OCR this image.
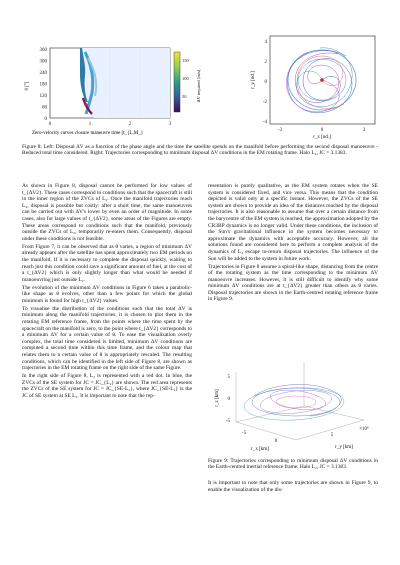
360
300
240
180
120
60
0
θ [°]
0	1	2	3
Zero-velocity curves closure maneuvre time [t_{L,M_}
150
100
50 ΔV required [m/s]
4
2
0
-2
-4
r_y [nd.]
-3	0	3
r_x [nd.]
Figure 8: Left: Disposal ΔV as a function of the phase angle and the time the satellite spends on the manifold before performing the second disposal manoeuvre - Reduced total time considered. Right: Trajectories corresponding to minimum disposal ΔV conditions in the EM rotating frame. Halo L₂, JC = 3.1383.

As shown in Figure 8, disposal cannot be performed for low values of t_{ΔV2}. These cases correspond to conditions such that the spacecraft is still in the inner region of the ZVCs of L₂. Once the manifold trajectories reach L₂, disposal is possible but costly: after a short time, the same manoeuvres can be carried out with ΔV's lower by even an order of magnitude. In some cases, also for large values of t_{ΔV2}, some areas of the Figures are empty. These areas correspond to conditions such that the manifold, previously outside the ZVCs of L₂, temporarily re-enters them. Consequently, disposal under these conditions is not feasible.

From Figure 7, it can be observed that as θ varies, a region of minimum ΔV already appears after the satellite has spent approximately two EM periods on the manifold. If it is necessary to complete the disposal quickly, waiting to reach just this condition could save a significant amount of fuel, at the cost of a t_{ΔV2} which is only slightly longer than what would be needed if manoeuvring just outside L₂.

The evolution of the minimum ΔV conditions in Figure 6 takes a parabolic-like shape as θ evolves, other than a few points for which the global minimum is found for high t_{ΔV2} values.

To visualise the distribution of the conditions such that the total ΔV is minimum along the manifold trajectories, it is chosen to plot them in the rotating EM reference frame, from the points where the time spent by the spacecraft on the manifold is zero, to the point where t_{ΔV2} corresponds to a minimum ΔV for a certain value of θ. To ease the visualization overly complex, the total time considered is limited, minimum ΔV conditions are computed a second time within this time frame, and the colour map that relates them to a certain value of θ is appropriately rescaled. The resulting conditions, which can be identified in the left side of Figure 8, are shown as trajectories in the EM rotating frame on the right side of the same Figure.

In the right side of Figure 8, L₂ is represented with a red dot. In blue, the ZVCs of the SE system for JC = JC_{L₂} are shown. The red area represents the ZVCs of the SE system for JC = JC_{SE-L₂}, where JC_{SE-L₂} is the JC of SE system at SE L₂. It is important to note that the rep-

resentation is purely qualitative, as the EM system rotates when the SE system is considered fixed, and vice versa. This means that the condition depicted is valid only at a specific instant. However, the ZVCs of the SE system are shown to provide an idea of the distances reached by the disposal trajectories. It is also reasonable to assume that over a certain distance from the barycentre of the EM system is reached, the approximation adopted by the CR3BP dynamics is no longer valid. Under these conditions, the inclusion of the Sun's gravitational influence in the system becomes necessary to approximate the dynamics with acceptable accuracy. However, all the solutions found are considered here to perform a complete analysis of the dynamics of L₂ escape to-return disposal trajectories. The influence of the Sun will be added to the system in future work.

Trajectories in Figure 8 assume a spiral-like shape, distancing from the centre of the rotating system as the time corresponding to the minimum ΔV manoeuvre increases. However, it is still difficult to identify why some minimum ΔV conditions are at t_{ΔV2} greater than others as θ varies. Disposal trajectories are shown in the Earth-centred rotating reference frame in Figure 9.

5
0
-5
r_z [km]
-5
0
5
×10⁶
r_x [km]	r_y [km]
Figure 9: Trajectories corresponding to minimum disposal ΔV conditions in the Earth-centred inertial reference frame. Halo L₂, JC = 3.1383.

It is important to note that only some trajectories are shown in Figure 9, to enable the visualization of the dis-
